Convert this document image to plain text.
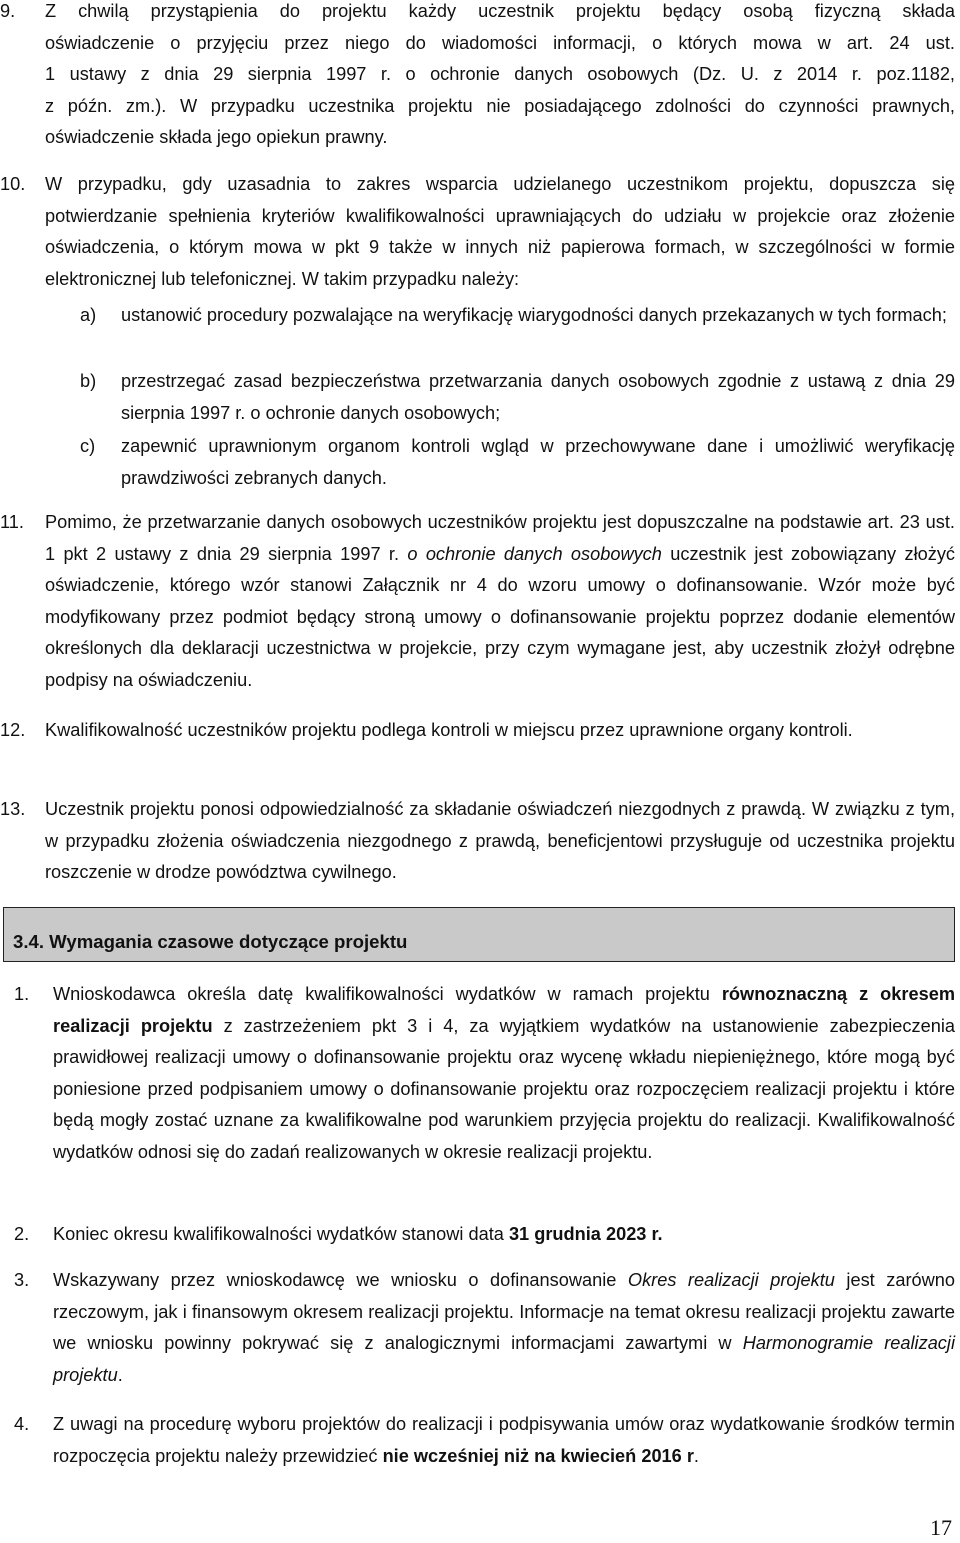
9. Z chwilą przystąpienia do projektu każdy uczestnik projektu będący osobą fizyczną składa

oświadczenie o przyjęciu przez niego do wiadomości informacji, o których mowa w art. 24 ust.

1 ustawy z dnia 29 sierpnia 1997 r. o ochronie danych osobowych (Dz. U. z 2014 r. poz.1182,

z późn. zm.). W przypadku uczestnika projektu nie posiadającego zdolności do czynności prawnych, oświadczenie składa jego opiekun prawny.

10. W przypadku, gdy uzasadnia to zakres wsparcia udzielanego uczestnikom projektu, dopuszcza się potwierdzanie spełnienia kryteriów kwalifikowalności uprawniających do udziału w projekcie oraz złożenie oświadczenia, o którym mowa w pkt 9 także w innych niż papierowa formach, w szczególności w formie elektronicznej lub telefonicznej. W takim przypadku należy:
a) ustanowić procedury pozwalające na weryfikację wiarygodności danych przekazanych w tych formach;
b) przestrzegać zasad bezpieczeństwa przetwarzania danych osobowych zgodnie z ustawą z dnia 29 sierpnia 1997 r. o ochronie danych osobowych;
c) zapewnić uprawnionym organom kontroli wgląd w przechowywane dane i umożliwić weryfikację prawdziwości zebranych danych.
11. Pomimo, że przetwarzanie danych osobowych uczestników projektu jest dopuszczalne na podstawie art. 23 ust. 1 pkt 2 ustawy z dnia 29 sierpnia 1997 r. o ochronie danych osobowych uczestnik jest zobowiązany złożyć oświadczenie, którego wzór stanowi Załącznik nr 4 do wzoru umowy o dofinansowanie. Wzór może być modyfikowany przez podmiot będący stroną umowy o dofinansowanie projektu poprzez dodanie elementów określonych dla deklaracji uczestnictwa w projekcie, przy czym wymagane jest, aby uczestnik złożył odrębne podpisy na oświadczeniu.
12. Kwalifikowalność uczestników projektu podlega kontroli w miejscu przez uprawnione organy kontroli.
13. Uczestnik projektu ponosi odpowiedzialność za składanie oświadczeń niezgodnych z prawdą. W związku z tym, w przypadku złożenia oświadczenia niezgodnego z prawdą, beneficjentowi przysługuje od uczestnika projektu roszczenie w drodze powództwa cywilnego.
3.4. Wymagania czasowe dotyczące projektu
1. Wnioskodawca określa datę kwalifikowalności wydatków w ramach projektu równoznaczną z okresem realizacji projektu z zastrzeżeniem pkt 3 i 4, za wyjątkiem wydatków na ustanowienie zabezpieczenia prawidłowej realizacji umowy o dofinansowanie projektu oraz wycenę wkładu niepieniężnego, które mogą być poniesione przed podpisaniem umowy o dofinansowanie projektu oraz rozpoczęciem realizacji projektu i które będą mogły zostać uznane za kwalifikowalne pod warunkiem przyjęcia projektu do realizacji. Kwalifikowalność wydatków odnosi się do zadań realizowanych w okresie realizacji projektu.
2. Koniec okresu kwalifikowalności wydatków stanowi data 31 grudnia 2023 r.
3. Wskazywany przez wnioskodawcę we wniosku o dofinansowanie Okres realizacji projektu jest zarówno rzeczowym, jak i finansowym okresem realizacji projektu. Informacje na temat okresu realizacji projektu zawarte we wniosku powinny pokrywać się z analogicznymi informacjami zawartymi w Harmonogramie realizacji projektu.
4. Z uwagi na procedurę wyboru projektów do realizacji i podpisywania umów oraz wydatkowanie środków termin rozpoczęcia projektu należy przewidzieć nie wcześniej niż na kwiecień 2016 r.
17
